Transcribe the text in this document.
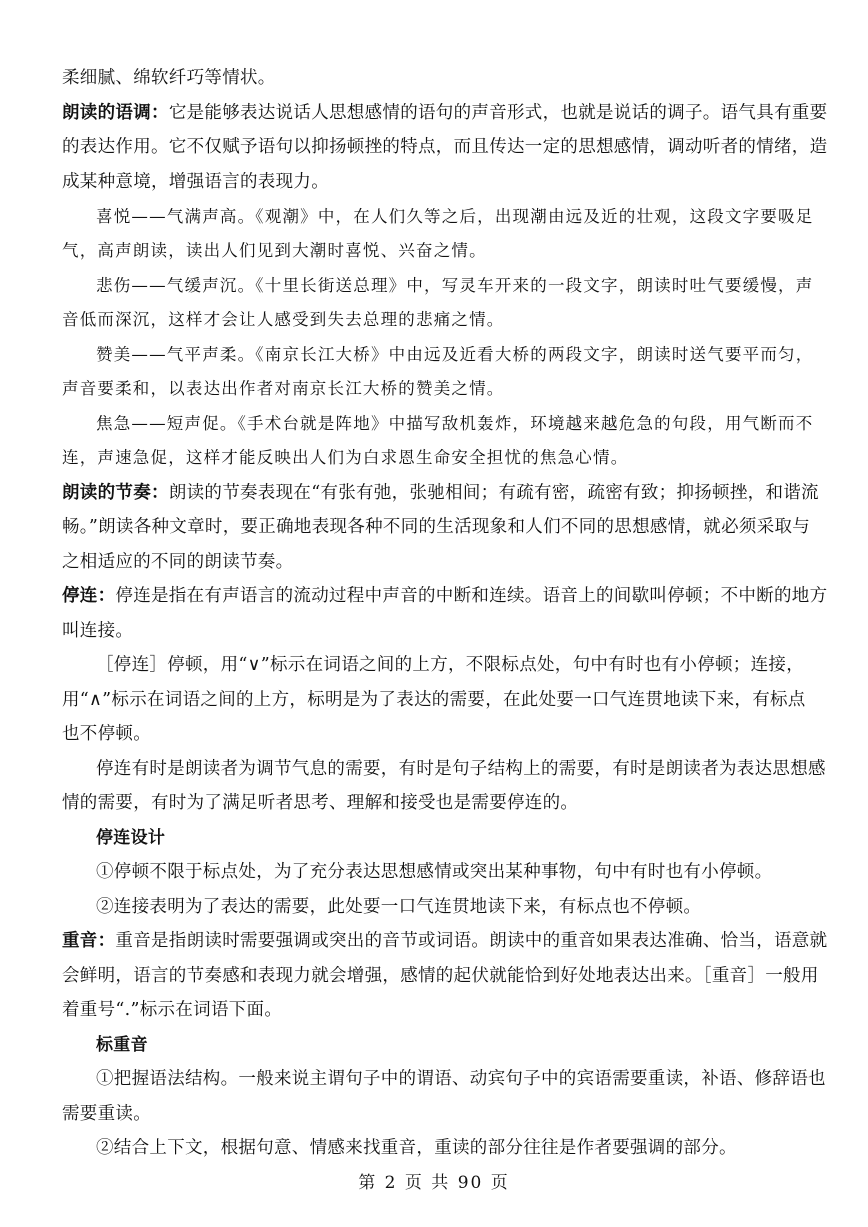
柔细腻、绵软纤巧等情状。
朗读的语调：它是能够表达说话人思想感情的语句的声音形式，也就是说话的调子。语气具有重要
的表达作用。它不仅赋予语句以抑扬顿挫的特点，而且传达一定的思想感情，调动听者的情绪，造
成某种意境，增强语言的表现力。
喜悦——气满声高。《观潮》中，在人们久等之后，出现潮由远及近的壮观，这段文字要吸足
气，高声朗读，读出人们见到大潮时喜悦、兴奋之情。
悲伤——气缓声沉。《十里长街送总理》中，写灵车开来的一段文字，朗读时吐气要缓慢，声
音低而深沉，这样才会让人感受到失去总理的悲痛之情。
赞美——气平声柔。《南京长江大桥》中由远及近看大桥的两段文字，朗读时送气要平而匀，
声音要柔和，以表达出作者对南京长江大桥的赞美之情。
焦急——短声促。《手术台就是阵地》中描写敌机轰炸，环境越来越危急的句段，用气断而不
连，声速急促，这样才能反映出人们为白求恩生命安全担忧的焦急心情。
朗读的节奏：朗读的节奏表现在“有张有弛，张驰相间；有疏有密，疏密有致；抑扬顿挫，和谐流
畅。”朗读各种文章时，要正确地表现各种不同的生活现象和人们不同的思想感情，就必须采取与
之相适应的不同的朗读节奏。
停连：停连是指在有声语言的流动过程中声音的中断和连续。语音上的间歇叫停顿；不中断的地方
叫连接。
［停连］停顿，用“∨”标示在词语之间的上方，不限标点处，句中有时也有小停顿；连接，
用“∧”标示在词语之间的上方，标明是为了表达的需要，在此处要一口气连贯地读下来，有标点
也不停顿。
停连有时是朗读者为调节气息的需要，有时是句子结构上的需要，有时是朗读者为表达思想感
情的需要，有时为了满足听者思考、理解和接受也是需要停连的。
停连设计
①停顿不限于标点处，为了充分表达思想感情或突出某种事物，句中有时也有小停顿。
②连接表明为了表达的需要，此处要一口气连贯地读下来，有标点也不停顿。
重音：重音是指朗读时需要强调或突出的音节或词语。朗读中的重音如果表达准确、恰当，语意就
会鲜明，语言的节奏感和表现力就会增强，感情的起伏就能恰到好处地表达出来。［重音］一般用
着重号“.”标示在词语下面。
标重音
①把握语法结构。一般来说主谓句子中的谓语、动宾句子中的宾语需要重读，补语、修辞语也
需要重读。
②结合上下文，根据句意、情感来找重音，重读的部分往往是作者要强调的部分。
第 2 页 共 90 页
